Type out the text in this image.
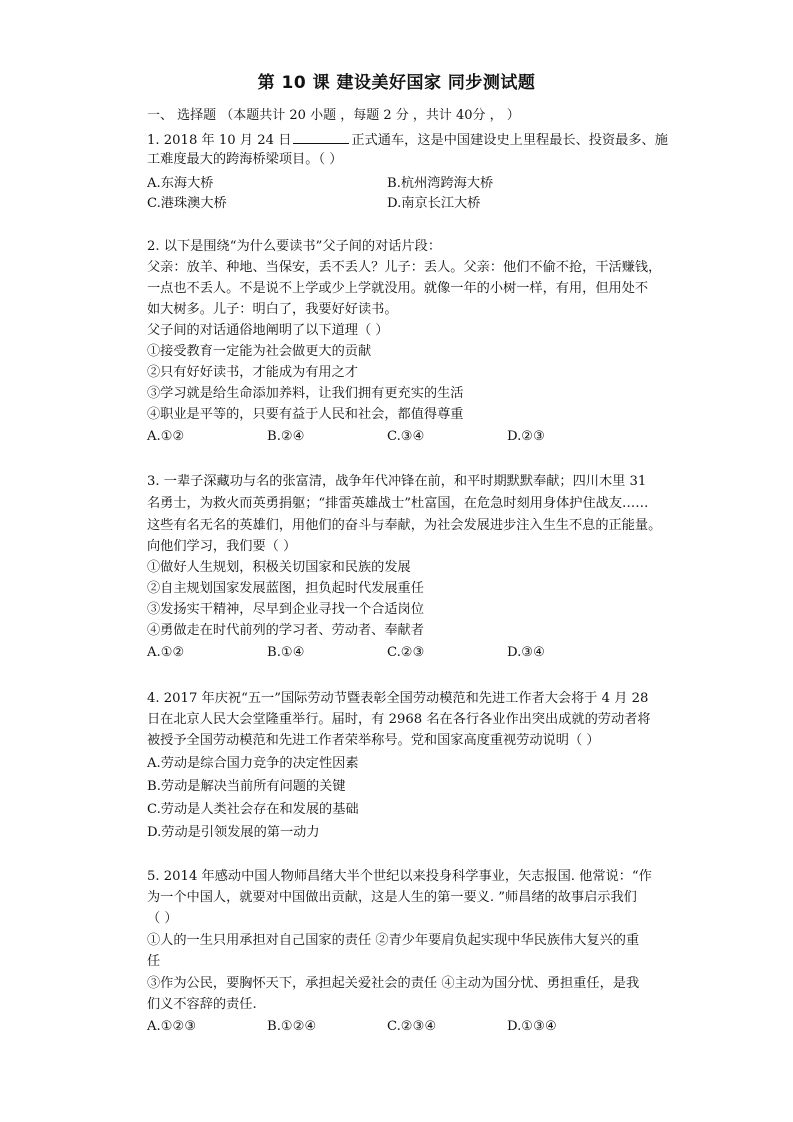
第 10 课 建设美好国家 同步测试题
一、 选择题 （本题共计 20 小题 ，每题 2 分 ，共计 40分 ， ）
1. 2018 年 10 月 24 日	正式通车，这是中国建设史上里程最长、投资最多、施
工难度最大的跨海桥梁项目。（ ）
A.东海大桥	B.杭州湾跨海大桥
C.港珠澳大桥	D.南京长江大桥
2. 以下是围绕“为什么要读书”父子间的对话片段：
父亲：放羊、种地、当保安，丢不丢人？儿子：丢人。父亲：他们不偷不抢，干活赚钱，
一点也不丢人。不是说不上学或少上学就没用。就像一年的小树一样，有用，但用处不
如大树多。儿子：明白了，我要好好读书。
父子间的对话通俗地阐明了以下道理（ ）
①接受教育一定能为社会做更大的贡献
②只有好好读书，才能成为有用之才
③学习就是给生命添加养料，让我们拥有更充实的生活
④职业是平等的，只要有益于人民和社会，都值得尊重
A.①②	B.②④	C.③④	D.②③
3. 一辈子深藏功与名的张富清，战争年代冲锋在前，和平时期默默奉献；四川木里 31
名勇士，为救火而英勇捐躯；“排雷英雄战士”杜富国，在危急时刻用身体护住战友……
这些有名无名的英雄们，用他们的奋斗与奉献，为社会发展进步注入生生不息的正能量。
向他们学习，我们要（ ）
①做好人生规划，积极关切国家和民族的发展
②自主规划国家发展蓝图，担负起时代发展重任
③发扬实干精神，尽早到企业寻找一个合适岗位
④勇做走在时代前列的学习者、劳动者、奉献者
A.①②	B.①④	C.②③	D.③④
4. 2017 年庆祝“五一”国际劳动节暨表彰全国劳动模范和先进工作者大会将于 4 月 28
日在北京人民大会堂隆重举行。届时，有 2968 名在各行各业作出突出成就的劳动者将
被授予全国劳动模范和先进工作者荣举称号。党和国家高度重视劳动说明（ ）
A.劳动是综合国力竞争的决定性因素
B.劳动是解决当前所有问题的关键
C.劳动是人类社会存在和发展的基础
D.劳动是引领发展的第一动力
5. 2014 年感动中国人物师昌绪大半个世纪以来投身科学事业，矢志报国. 他常说：“作
为一个中国人，就要对中国做出贡献，这是人生的第一要义. ”师昌绪的故事启示我们
（ ）
①人的一生只用承担对自己国家的责任 ②青少年要肩负起实现中华民族伟大复兴的重
任
③作为公民，要胸怀天下，承担起关爱社会的责任 ④主动为国分忧、勇担重任，是我
们义不容辞的责任.
A.①②③	B.①②④	C.②③④	D.①③④
